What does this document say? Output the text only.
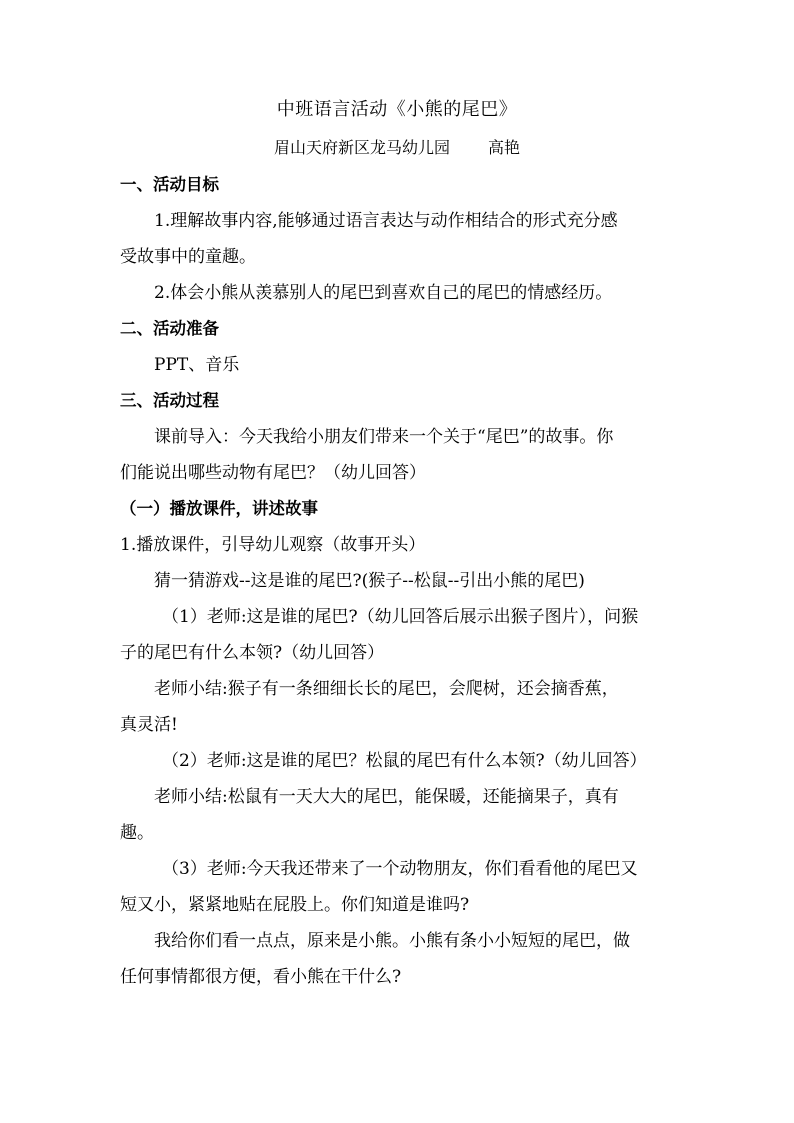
中班语言活动《小熊的尾巴》
眉山天府新区龙马幼儿园 高艳
一、活动目标
1.理解故事内容,能够通过语言表达与动作相结合的形式充分感
受故事中的童趣。
2.体会小熊从羡慕别人的尾巴到喜欢自己的尾巴的情感经历。
二、活动准备
PPT、音乐
三、活动过程
课前导入：今天我给小朋友们带来一个关于“尾巴”的故事。你
们能说出哪些动物有尾巴？（幼儿回答）
（一）播放课件，讲述故事
1.播放课件，引导幼儿观察（故事开头）
猜一猜游戏--这是谁的尾巴?(猴子--松鼠--引出小熊的尾巴)
（1）老师:这是谁的尾巴?（幼儿回答后展示出猴子图片），问猴
子的尾巴有什么本领?（幼儿回答）
老师小结:猴子有一条细细长长的尾巴，会爬树，还会摘香蕉，
真灵活!
（2）老师:这是谁的尾巴？松鼠的尾巴有什么本领?（幼儿回答）
老师小结:松鼠有一天大大的尾巴，能保暖，还能摘果子，真有
趣。
（3）老师:今天我还带来了一个动物朋友，你们看看他的尾巴又
短又小，紧紧地贴在屁股上。你们知道是谁吗?
我给你们看一点点，原来是小熊。小熊有条小小短短的尾巴，做
任何事情都很方便，看小熊在干什么?
